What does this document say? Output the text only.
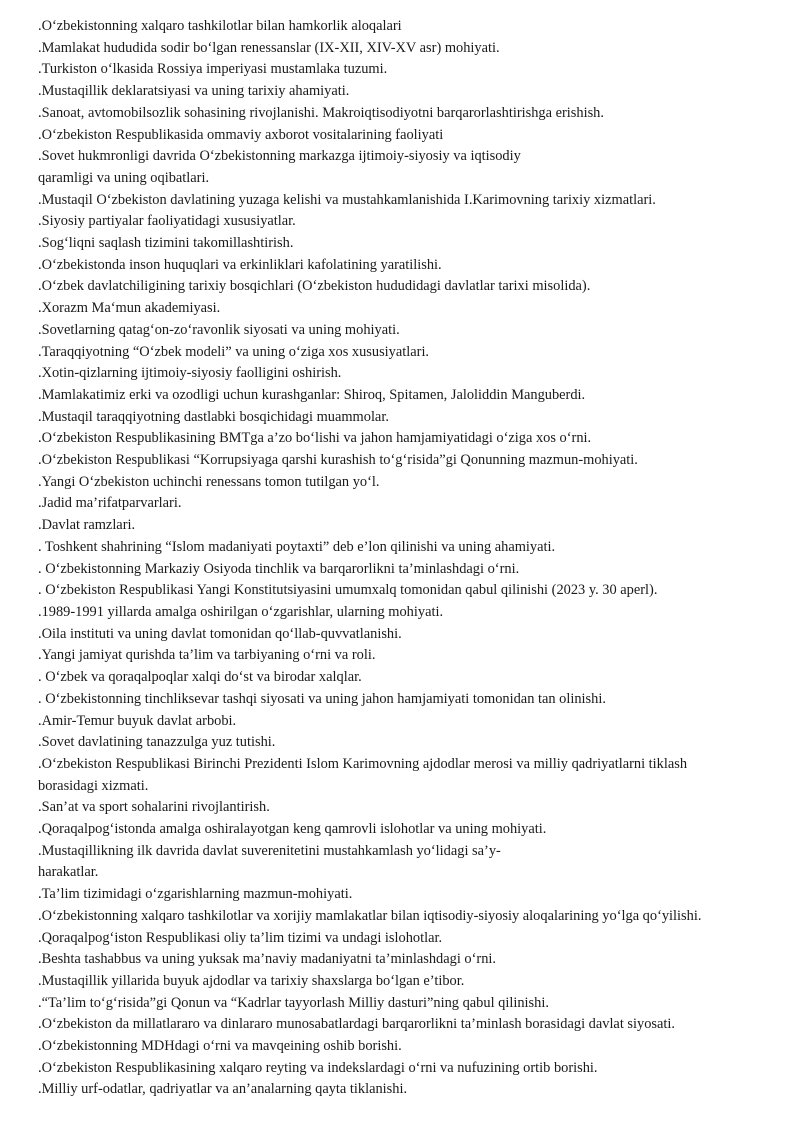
.O‘zbekistonning xalqaro tashkilotlar bilan hamkorlik aloqalari
.Mamlakat hududida sodir bo‘lgan renessanslar (IX-XII, XIV-XV asr) mohiyati.
.Turkiston o‘lkasida Rossiya imperiyasi mustamlaka tuzumi.
.Mustaqillik deklaratsiyasi va uning tarixiy ahamiyati.
.Sanoat, avtomobilsozlik sohasining rivojlanishi. Makroiqtisodiyotni barqarorlashtirishga erishish.
.O‘zbekiston Respublikasida ommaviy axborot vositalarining faoliyati
.Sovet hukmronligi davrida O‘zbekistonning markazga ijtimoiy-siyosiy va iqtisodiy
qaramligi va uning oqibatlari.
.Mustaqil O‘zbekiston davlatining yuzaga kelishi va mustahkamlanishida I.Karimovning tarixiy xizmatlari.
.Siyosiy partiyalar faoliyatidagi xususiyatlar.
.Sog‘liqni saqlash tizimini takomillashtirish.
.O‘zbekistonda inson huquqlari va erkinliklari kafolatining yaratilishi.
.O‘zbek davlatchiligining tarixiy bosqichlari (O‘zbekiston hududidagi davlatlar tarixi misolida).
.Xorazm Ma‘mun akademiyasi.
.Sovetlarning qatag‘on-zo‘ravonlik siyosati va uning mohiyati.
.Taraqqiyotning “O‘zbek modeli” va uning o‘ziga xos xususiyatlari.
.Xotin-qizlarning ijtimoiy-siyosiy faolligini oshirish.
.Mamlakatimiz erki va ozodligi uchun kurashganlar: Shiroq, Spitamen, Jaloliddin Manguberdi.
.Mustaqil taraqqiyotning dastlabki bosqichidagi muammolar.
.O‘zbekiston Respublikasining BMTga a’zo bo‘lishi va jahon hamjamiyatidagi o‘ziga xos o‘rni.
.O‘zbekiston Respublikasi “Korrupsiyaga qarshi kurashish to‘g‘risida”gi Qonunning mazmun-mohiyati.
.Yangi O‘zbekiston uchinchi renessans tomon tutilgan yo‘l.
.Jadid ma’rifatparvarlari.
.Davlat ramzlari.
. Toshkent shahrining “Islom madaniyati poytaxti” deb e’lon qilinishi va uning ahamiyati.
. O‘zbekistonning Markaziy Osiyoda tinchlik va barqarorlikni ta’minlashdagi o‘rni.
. O‘zbekiston Respublikasi Yangi Konstitutsiyasini umumxalq tomonidan qabul qilinishi (2023 y. 30 aperl).
.1989-1991 yillarda amalga oshirilgan o‘zgarishlar, ularning mohiyati.
.Oila instituti va uning davlat tomonidan qo‘llab-quvvatlanishi.
.Yangi jamiyat qurishda ta’lim va tarbiyaning o‘rni va roli.
. O‘zbek va qoraqalpoqlar xalqi do‘st va birodar xalqlar.
. O‘zbekistonning tinchliksevar tashqi siyosati va uning jahon hamjamiyati tomonidan tan olinishi.
.Amir-Temur buyuk davlat arbobi.
.Sovet davlatining tanazzulga yuz tutishi.
.O‘zbekiston Respublikasi Birinchi Prezidenti Islom Karimovning ajdodlar merosi va milliy qadriyatlarni tiklash
borasidagi xizmati.
.San’at va sport sohalarini rivojlantirish.
.Qoraqalpog‘istonda amalga oshiralayotgan keng qamrovli islohotlar va uning mohiyati.
.Mustaqillikning ilk davrida davlat suverenitetini mustahkamlash yo‘lidagi sa’y-
harakatlar.
.Ta’lim tizimidagi o‘zgarishlarning mazmun-mohiyati.
.O‘zbekistonning xalqaro tashkilotlar va xorijiy mamlakatlar bilan iqtisodiy-siyosiy aloqalarining yo‘lga qo‘yilishi.
.Qoraqalpog‘iston Respublikasi oliy ta’lim tizimi va undagi islohotlar.
.Beshta tashabbus va uning yuksak ma’naviy madaniyatni ta’minlashdagi o‘rni.
.Mustaqillik yillarida buyuk ajdodlar va tarixiy shaxslarga bo‘lgan e’tibor.
.“Ta’lim to‘g‘risida”gi Qonun va “Kadrlar tayyorlash Milliy dasturi”ning qabul qilinishi.
.O‘zbekiston da millatlararo va dinlararo munosabatlardagi barqarorlikni ta’minlash borasidagi davlat siyosati.
.O‘zbekistonning MDHdagi o‘rni va mavqeining oshib borishi.
.O‘zbekiston Respublikasining xalqaro reyting va indekslardagi o‘rni va nufuzining ortib borishi.
.Milliy urf-odatlar, qadriyatlar va an’analarning qayta tiklanishi.
